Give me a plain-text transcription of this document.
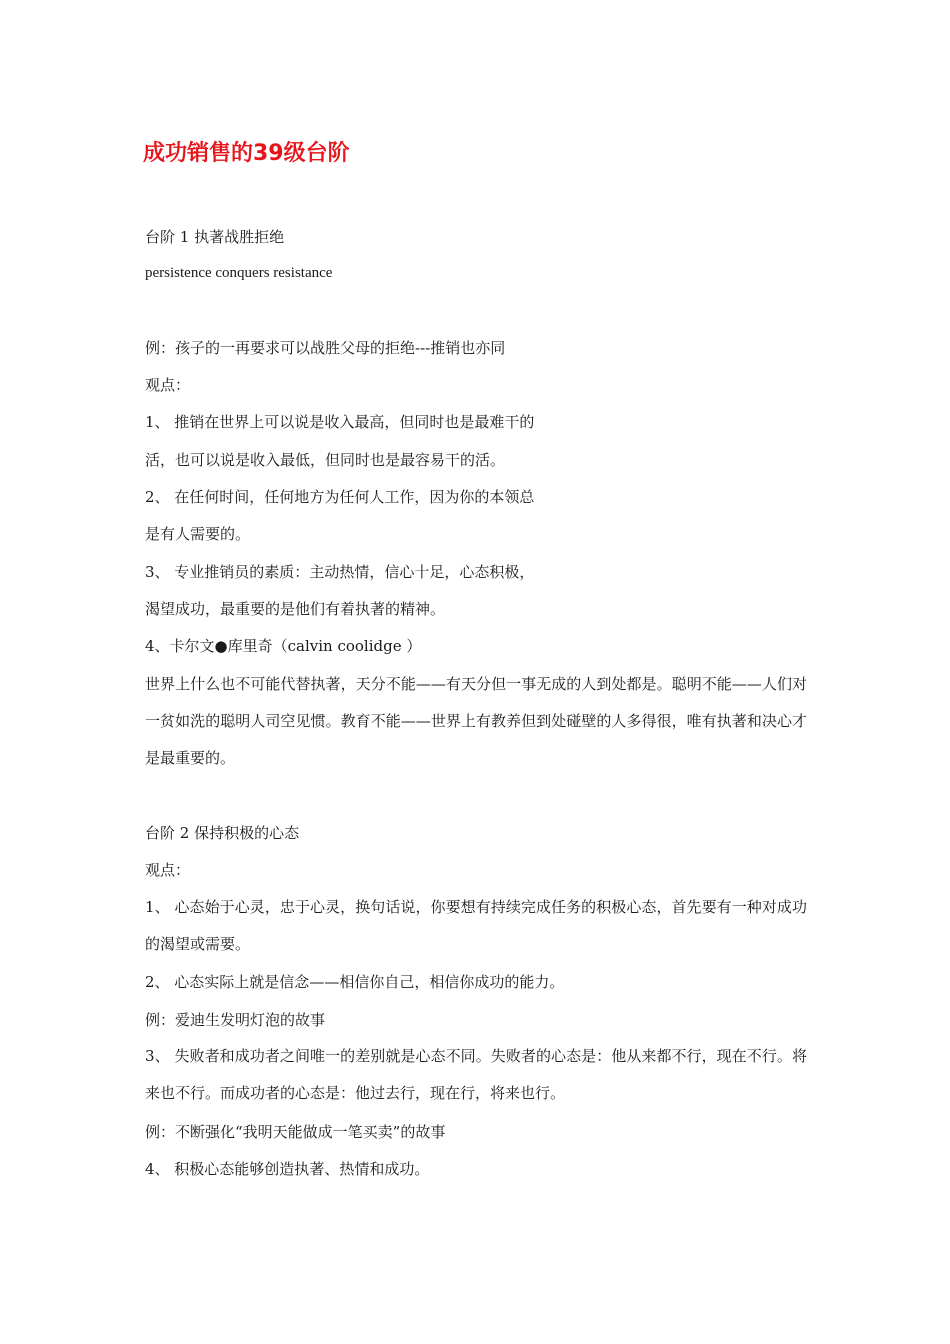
成功销售的39级台阶
台阶 1 执著战胜拒绝
persistence conquers resistance
例：孩子的一再要求可以战胜父母的拒绝---推销也亦同
观点：
1、 推销在世界上可以说是收入最高，但同时也是最难干的
活，也可以说是收入最低，但同时也是最容易干的活。
2、 在任何时间，任何地方为任何人工作，因为你的本领总
是有人需要的。
3、 专业推销员的素质：主动热情，信心十足，心态积极，
渴望成功，最重要的是他们有着执著的精神。
4、卡尔文●库里奇（calvin coolidge ）
世界上什么也不可能代替执著，天分不能——有天分但一事无成的人到处都是。聪明不能——人们对一贫如洗的聪明人司空见惯。教育不能——世界上有教养但到处碰壁的人多得很，唯有执著和决心才是最重要的。
台阶 2 保持积极的心态
观点：
1、 心态始于心灵，忠于心灵，换句话说，你要想有持续完成任务的积极心态，首先要有一种对成功的渴望或需要。
2、 心态实际上就是信念——相信你自己，相信你成功的能力。
例：爱迪生发明灯泡的故事
3、 失败者和成功者之间唯一的差别就是心态不同。失败者的心态是：他从来都不行，现在不行。将来也不行。而成功者的心态是：他过去行，现在行，将来也行。
例：不断强化“我明天能做成一笔买卖”的故事
4、 积极心态能够创造执著、热情和成功。
